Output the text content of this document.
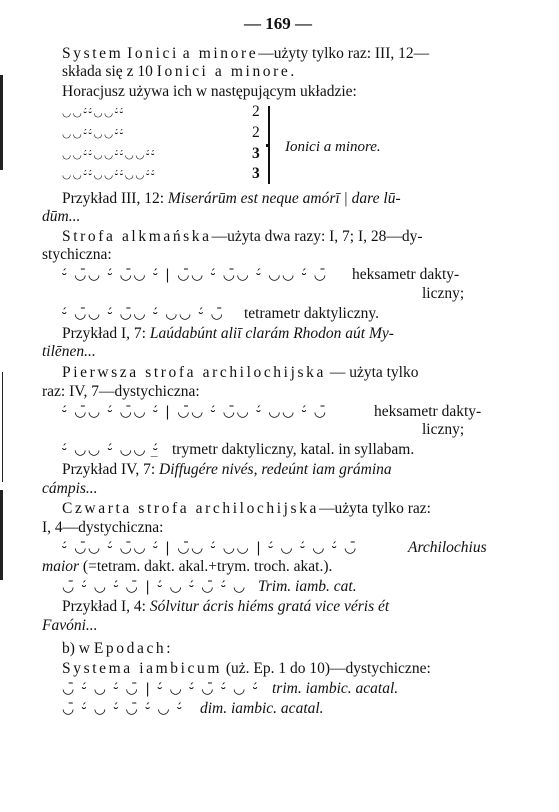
— 169 —
System Ionici a minore—użyty tylko raz: III, 12—
składa się z 10 Ionici a minore.
Horacjusz używa ich w następującym układzie:
◡◡⏑́⏑́◡◡⏑́⏑́	2
◡◡⏑́⏑́◡◡⏑́⏑́	2
◡◡⏑́⏑́◡◡⏑́⏑́◡◡⏑́⏑́	3
◡◡⏑́⏑́◡◡⏑́⏑́◡◡⏑́⏑́	3
Ionici a minore.
Przykład III, 12: Miserárūm est neque amórī | dare lū-
dūm...
Strofa alkmańska—użyta dwa razy: I, 7; I, 28—dy-
stychiczna:
⏑́ ◡̄◡ ⏑́ ◡̄◡ ⏑́ | ◡̄◡ ⏑́ ◡̄◡ ⏑́ ◡◡ ⏑́ ◡̄ heksametr dakty-
liczny;
⏑́ ◡̄◡ ⏑́ ◡̄◡ ⏑́ ◡◡ ⏑́ ◡̄ tetrametr daktyliczny.
Przykład I, 7: Laúdabúnt aliī clarám Rhodon aút My-
tilēnen...
Pierwsza strofa archilochijska — użyta tylko
raz: IV, 7—dystychiczna:
⏑́ ◡̄◡ ⏑́ ◡̄◡ ⏑́ | ◡̄◡ ⏑́ ◡̄◡ ⏑́ ◡◡ ⏑́ ◡̄	heksametr dakty-
liczny;
⏑́ ◡◡ ⏑́ ◡◡ ⏑̲́ trymetr daktyliczny, katal. in syllabam.
Przykład IV, 7: Diffugére nivés, redeúnt iam grámina
cámpis...
Czwarta strofa archilochijska—użyta tylko raz:
I, 4—dystychiczna:
⏑́ ◡̄◡ ⏑́ ◡̄◡ ⏑́ | ◡̄◡ ⏑́ ◡◡ | ⏑́ ◡ ⏑́ ◡ ⏑́ ◡̄	Archilochius
maior (=tetram. dakt. akal.+trym. troch. akat.).
◡̄ ⏑́ ◡ ⏑́ ◡̄ | ⏑́ ◡ ⏑́ ◡̄ ⏑́ ◡ Trim. iamb. cat.
Przykład I, 4: Sólvitur ácris hiéms gratá vice véris ét
Favóni...
b) w Epodach:
Systema iambicum (uż. Ep. 1 do 10)—dystychiczne:
◡̄ ⏑́ ◡ ⏑́ ◡̄ | ⏑́ ◡ ⏑́ ◡̄ ⏑́ ◡ ⏑́ trim. iambic. acatal.
◡̄ ⏑́ ◡ ⏑́ ◡̄ ⏑́ ◡ ⏑́ dim. iambic. acatal.
